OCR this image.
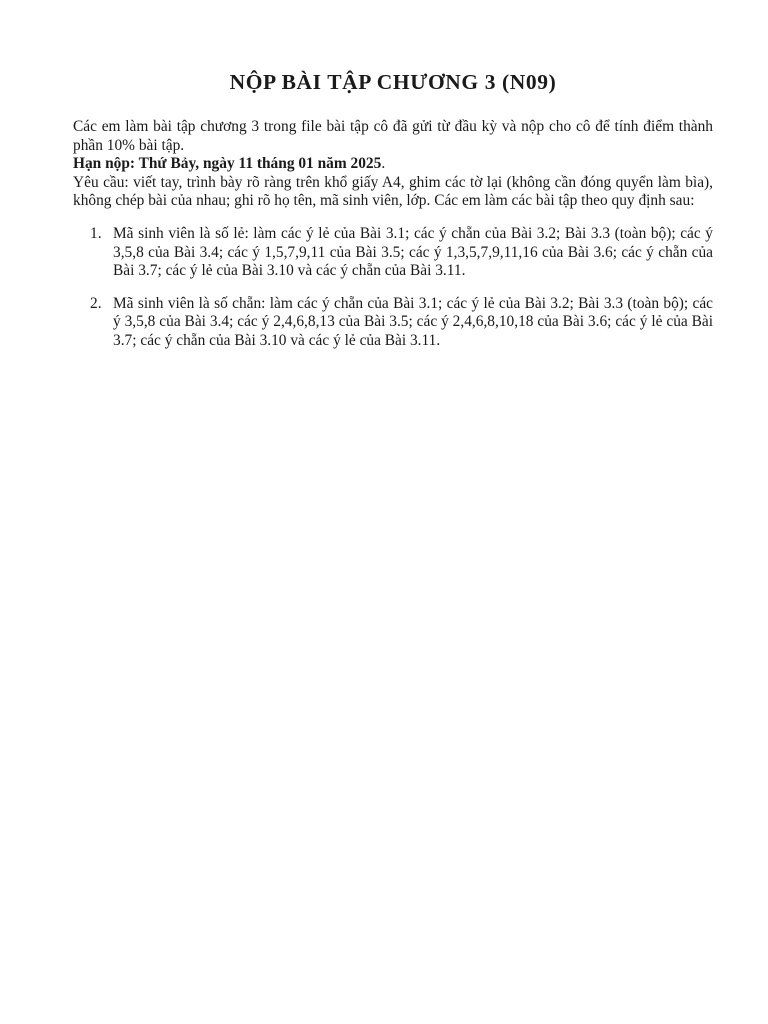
NỘP BÀI TẬP CHƯƠNG 3 (N09)

Các em làm bài tập chương 3 trong file bài tập cô đã gửi từ đầu kỳ và nộp cho cô để tính điểm thành phần 10% bài tập.

Hạn nộp: Thứ Bảy, ngày 11 tháng 01 năm 2025.

Yêu cầu: viết tay, trình bày rõ ràng trên khổ giấy A4, ghim các tờ lại (không cần đóng quyển làm bìa), không chép bài của nhau; ghi rõ họ tên, mã sinh viên, lớp. Các em làm các bài tập theo quy định sau:

1. Mã sinh viên là số lẻ: làm các ý lẻ của Bài 3.1; các ý chẵn của Bài 3.2; Bài 3.3 (toàn bộ); các ý 3,5,8 của Bài 3.4; các ý 1,5,7,9,11 của Bài 3.5; các ý 1,3,5,7,9,11,16 của Bài 3.6; các ý chẵn của Bài 3.7; các ý lẻ của Bài 3.10 và các ý chẵn của Bài 3.11.
2. Mã sinh viên là số chẵn: làm các ý chẵn của Bài 3.1; các ý lẻ của Bài 3.2; Bài 3.3 (toàn bộ); các ý 3,5,8 của Bài 3.4; các ý 2,4,6,8,13 của Bài 3.5; các ý 2,4,6,8,10,18 của Bài 3.6; các ý lẻ của Bài 3.7; các ý chẵn của Bài 3.10 và các ý lẻ của Bài 3.11.
